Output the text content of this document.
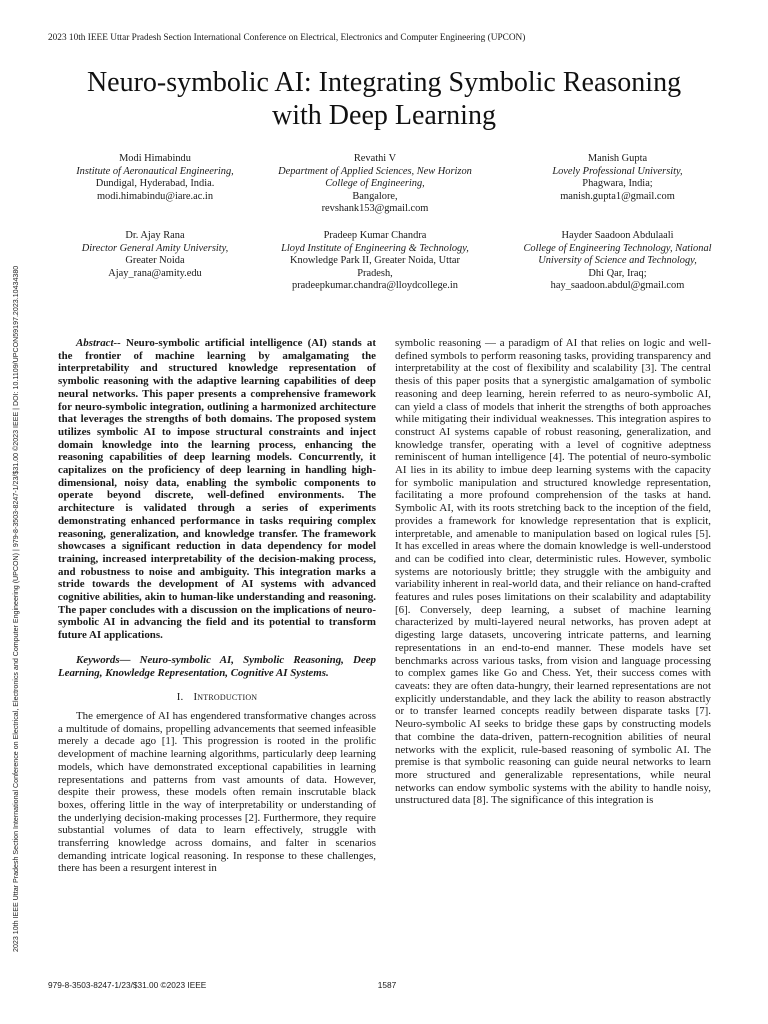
2023 10th IEEE Uttar Pradesh Section International Conference on Electrical, Electronics and Computer Engineering (UPCON)
2023 10th IEEE Uttar Pradesh Section International Conference on Electrical, Electronics and Computer Engineering (UPCON) | 979-8-3503-8247-1/23/$31.00 ©2023 IEEE | DOI: 10.1109/UPCON59197.2023.10434380
Neuro-symbolic AI: Integrating Symbolic Reasoning with Deep Learning
Modi Himabindu
Institute of Aeronautical Engineering,
Dundigal, Hyderabad, India.
modi.himabindu@iare.ac.in
Revathi V
Department of Applied Sciences, New Horizon College of Engineering,
Bangalore,
revshank153@gmail.com
Manish Gupta
Lovely Professional University,
Phagwara, India;
manish.gupta1@gmail.com
Dr. Ajay Rana
Director General Amity University,
Greater Noida
Ajay_rana@amity.edu
Pradeep Kumar Chandra
Lloyd Institute of Engineering & Technology,
Knowledge Park II, Greater Noida, Uttar Pradesh,
pradeepkumar.chandra@lloydcollege.in
Hayder Saadoon Abdulaali
College of Engineering Technology, National University of Science and Technology,
Dhi Qar, Iraq;
hay_saadoon.abdul@gmail.com

Abstract-- Neuro-symbolic artificial intelligence (AI) stands at the frontier of machine learning by amalgamating the interpretability and structured knowledge representation of symbolic reasoning with the adaptive learning capabilities of deep neural networks. This paper presents a comprehensive framework for neuro-symbolic integration, outlining a harmonized architecture that leverages the strengths of both domains. The proposed system utilizes symbolic AI to impose structural constraints and inject domain knowledge into the learning process, enhancing the reasoning capabilities of deep learning models. Concurrently, it capitalizes on the proficiency of deep learning in handling high-dimensional, noisy data, enabling the symbolic components to operate beyond discrete, well-defined environments. The architecture is validated through a series of experiments demonstrating enhanced performance in tasks requiring complex reasoning, generalization, and knowledge transfer. The framework showcases a significant reduction in data dependency for model training, increased interpretability of the decision-making process, and robustness to noise and ambiguity. This integration marks a stride towards the development of AI systems with advanced cognitive abilities, akin to human-like understanding and reasoning. The paper concludes with a discussion on the implications of neuro-symbolic AI in advancing the field and its potential to transform future AI applications.

Keywords— Neuro-symbolic AI, Symbolic Reasoning, Deep Learning, Knowledge Representation, Cognitive AI Systems.

I. Introduction

The emergence of AI has engendered transformative changes across a multitude of domains, propelling advancements that seemed infeasible merely a decade ago [1]. This progression is rooted in the prolific development of machine learning algorithms, particularly deep learning models, which have demonstrated exceptional capabilities in learning representations and patterns from vast amounts of data. However, despite their prowess, these models often remain inscrutable black boxes, offering little in the way of interpretability or understanding of the underlying decision-making processes [2]. Furthermore, they require substantial volumes of data to learn effectively, struggle with transferring knowledge across domains, and falter in scenarios demanding intricate logical reasoning. In response to these challenges, there has been a resurgent interest in

symbolic reasoning — a paradigm of AI that relies on logic and well-defined symbols to perform reasoning tasks, providing transparency and interpretability at the cost of flexibility and scalability [3]. The central thesis of this paper posits that a synergistic amalgamation of symbolic reasoning and deep learning, herein referred to as neuro-symbolic AI, can yield a class of models that inherit the strengths of both approaches while mitigating their individual weaknesses. This integration aspires to construct AI systems capable of robust reasoning, generalization, and knowledge transfer, operating with a level of cognitive adeptness reminiscent of human intelligence [4]. The potential of neuro-symbolic AI lies in its ability to imbue deep learning systems with the capacity for symbolic manipulation and structured knowledge representation, facilitating a more profound comprehension of the tasks at hand. Symbolic AI, with its roots stretching back to the inception of the field, provides a framework for knowledge representation that is explicit, interpretable, and amenable to manipulation based on logical rules [5]. It has excelled in areas where the domain knowledge is well-understood and can be codified into clear, deterministic rules. However, symbolic systems are notoriously brittle; they struggle with the ambiguity and variability inherent in real-world data, and their reliance on hand-crafted features and rules poses limitations on their scalability and adaptability [6]. Conversely, deep learning, a subset of machine learning characterized by multi-layered neural networks, has proven adept at digesting large datasets, uncovering intricate patterns, and learning representations in an end-to-end manner. These models have set benchmarks across various tasks, from vision and language processing to complex games like Go and Chess. Yet, their success comes with caveats: they are often data-hungry, their learned representations are not explicitly understandable, and they lack the ability to reason abstractly or to transfer learned concepts readily between disparate tasks [7]. Neuro-symbolic AI seeks to bridge these gaps by constructing models that combine the data-driven, pattern-recognition abilities of neural networks with the explicit, rule-based reasoning of symbolic AI. The premise is that symbolic reasoning can guide neural networks to learn more structured and generalizable representations, while neural networks can endow symbolic systems with the ability to handle noisy, unstructured data [8]. The significance of this integration is

979-8-3503-8247-1/23/$31.00 ©2023 IEEE	1587
